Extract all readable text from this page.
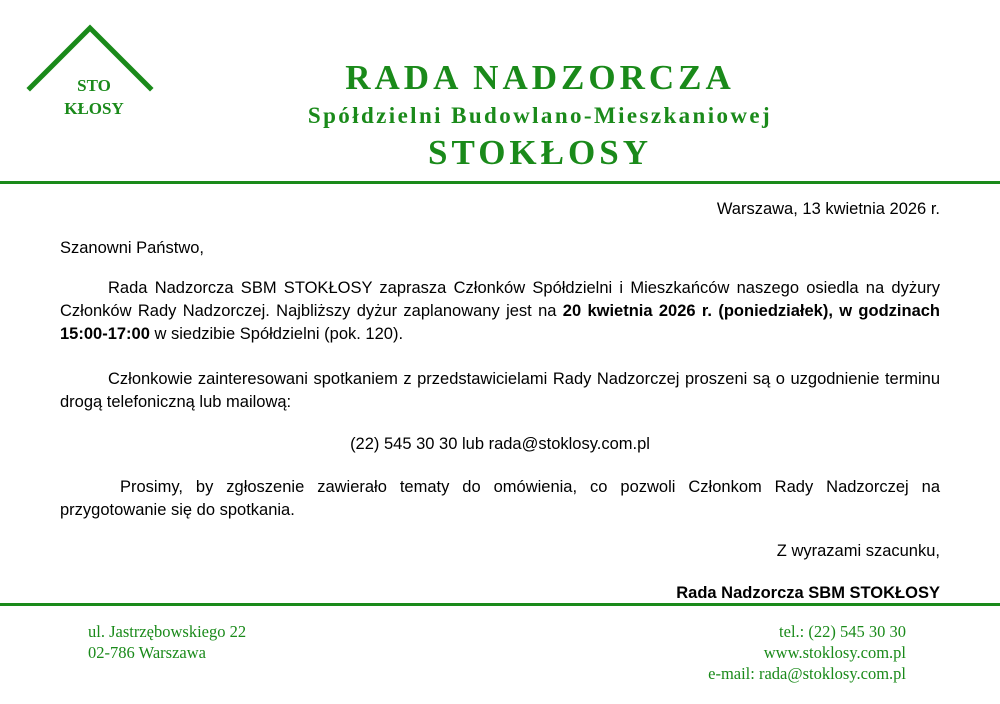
STO
KŁOSY
RADA NADZORCZA
Spółdzielni Budowlano-Mieszkaniowej
STOKŁOSY
Warszawa, 13 kwietnia 2026 r.
Szanowni Państwo,
Rada Nadzorcza SBM STOKŁOSY zaprasza Członków Spółdzielni i Mieszkańców naszego osiedla na dyżury Członków Rady Nadzorczej. Najbliższy dyżur zaplanowany jest na 20 kwietnia 2026 r. (poniedziałek), w godzinach 15:00-17:00 w siedzibie Spółdzielni (pok. 120).
Członkowie zainteresowani spotkaniem z przedstawicielami Rady Nadzorczej proszeni są o uzgodnienie terminu drogą telefoniczną lub mailową:
(22) 545 30 30 lub rada@stoklosy.com.pl
Prosimy, by zgłoszenie zawierało tematy do omówienia, co pozwoli Członkom Rady Nadzorczej na przygotowanie się do spotkania.
Z wyrazami szacunku,
Rada Nadzorcza SBM STOKŁOSY
ul. Jastrzębowskiego 22
02-786 Warszawa
tel.: (22) 545 30 30
www.stoklosy.com.pl
e-mail: rada@stoklosy.com.pl
